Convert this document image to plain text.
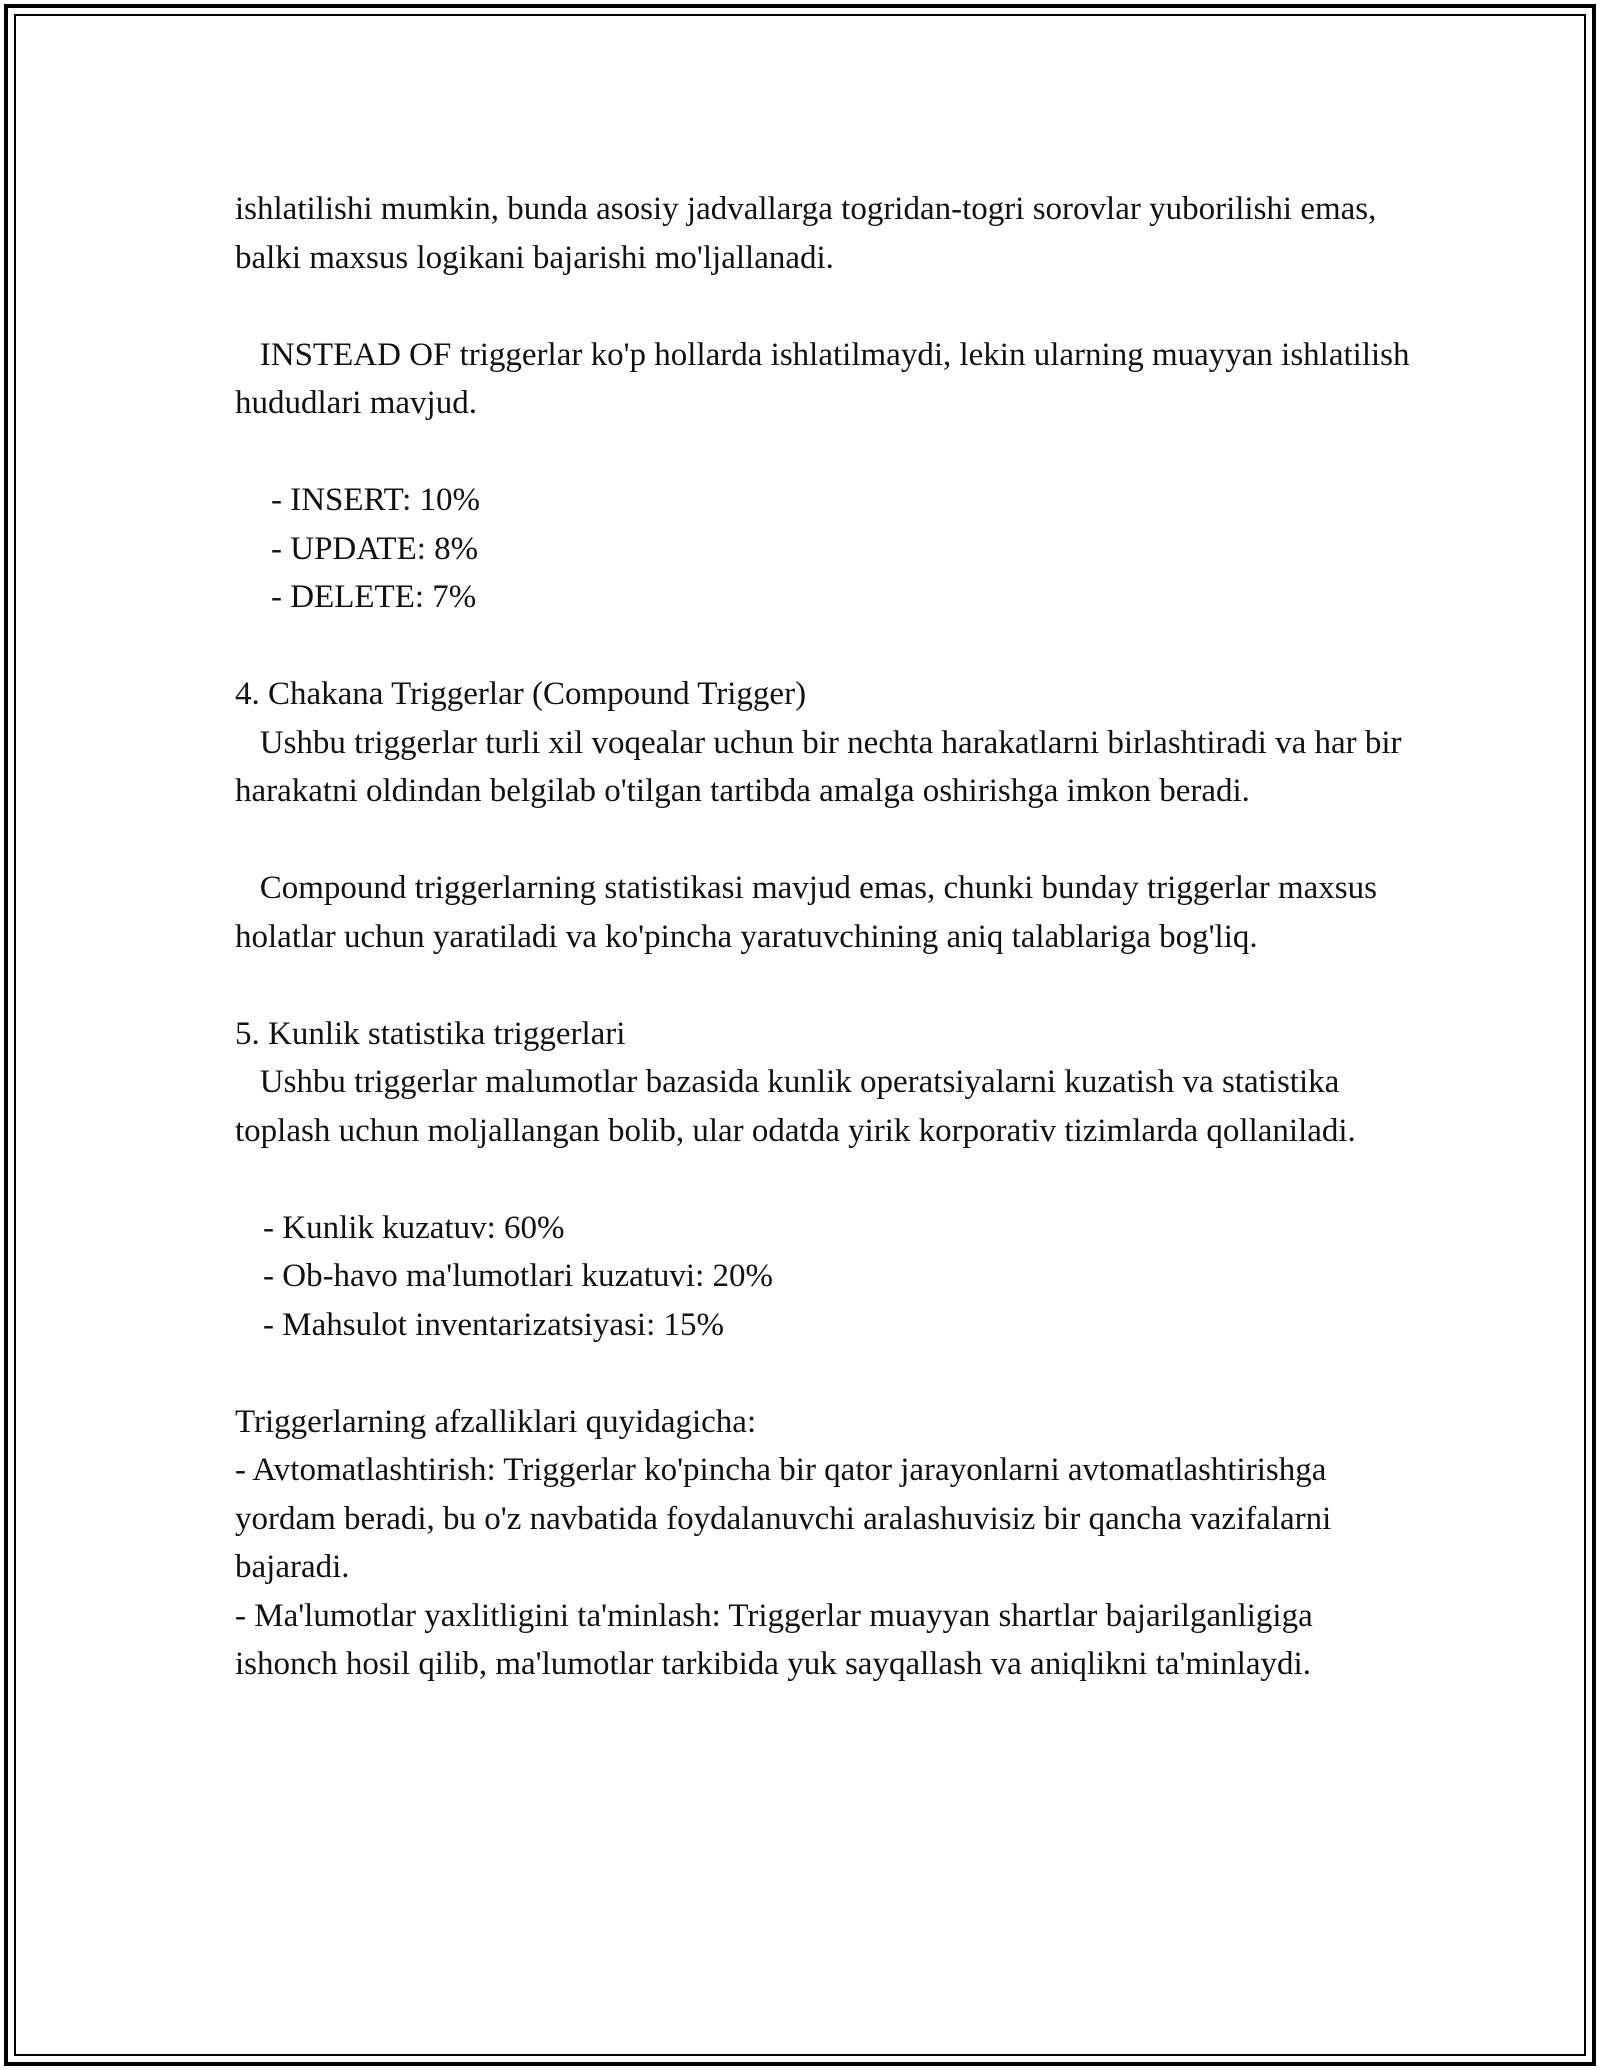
ishlatilishi mumkin, bunda asosiy jadvallarga togridan-togri sorovlar yuborilishi emas, balki maxsus logikani bajarishi mo'ljallanadi.

INSTEAD OF triggerlar ko'p hollarda ishlatilmaydi, lekin ularning muayyan ishlatilish hududlari mavjud.

- INSERT: 10%
- UPDATE: 8%
- DELETE: 7%

4. Chakana Triggerlar (Compound Trigger)

Ushbu triggerlar turli xil voqealar uchun bir nechta harakatlarni birlashtiradi va har bir harakatni oldindan belgilab o'tilgan tartibda amalga oshirishga imkon beradi.

Compound triggerlarning statistikasi mavjud emas, chunki bunday triggerlar maxsus holatlar uchun yaratiladi va ko'pincha yaratuvchining aniq talablariga bog'liq.

5. Kunlik statistika triggerlari

Ushbu triggerlar malumotlar bazasida kunlik operatsiyalarni kuzatish va statistika toplash uchun moljallangan bolib, ular odatda yirik korporativ tizimlarda qollaniladi.

- Kunlik kuzatuv: 60%
- Ob-havo ma'lumotlari kuzatuvi: 20%
- Mahsulot inventarizatsiyasi: 15%

Triggerlarning afzalliklari quyidagicha:

- Avtomatlashtirish: Triggerlar ko'pincha bir qator jarayonlarni avtomatlashtirishga yordam beradi, bu o'z navbatida foydalanuvchi aralashuvisiz bir qancha vazifalarni bajaradi.

- Ma'lumotlar yaxlitligini ta'minlash: Triggerlar muayyan shartlar bajarilganligiga ishonch hosil qilib, ma'lumotlar tarkibida yuk sayqallash va aniqlikni ta'minlaydi.
